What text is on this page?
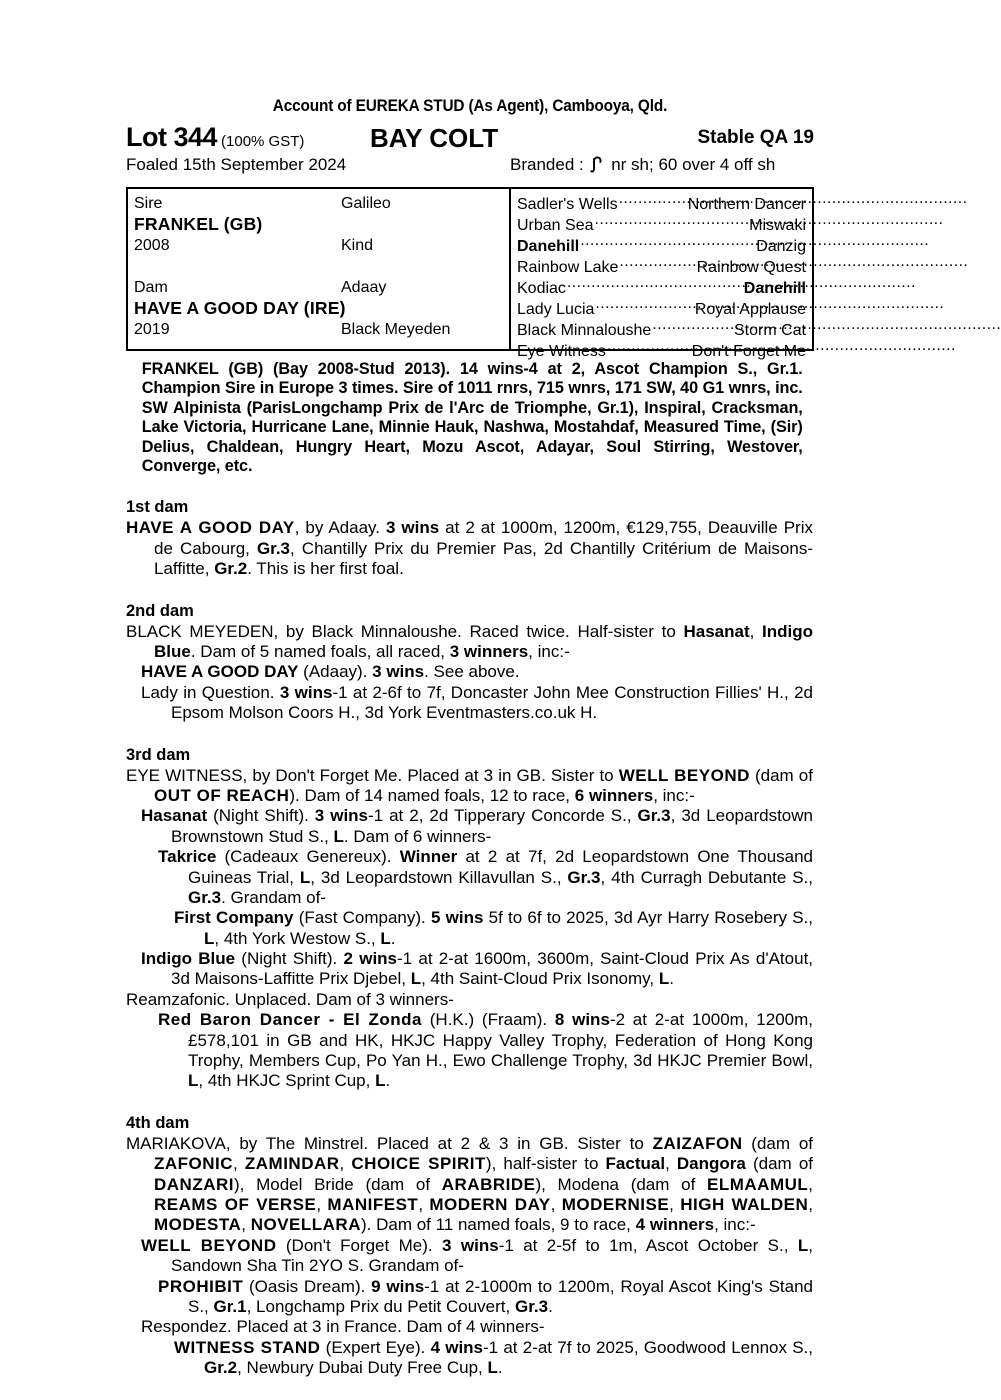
Account of EUREKA STUD (As Agent), Cambooya, Qld.
Lot 344 (100% GST)	BAY COLT	Stable QA 19
Foaled 15th September 2024	Branded : nr sh; 60 over 4 off sh
Sire	Galileo
FRANKEL (GB)
2008	Kind
Dam	Adaay
HAVE A GOOD DAY (IRE)
2019	Black Meyeden
Sadler's Wells .....	Northern Dancer
Urban Sea .....	Miswaki
Danehill .....	Danzig
Rainbow Lake .....	Rainbow Quest
Kodiac .....	Danehill
Lady Lucia .....	Royal Applause
Black Minnaloushe .....	Storm Cat
Eye Witness .....	Don't Forget Me
FRANKEL (GB) (Bay 2008-Stud 2013). 14 wins-4 at 2, Ascot Champion S., Gr.1. Champion Sire in Europe 3 times. Sire of 1011 rnrs, 715 wnrs, 171 SW, 40 G1 wnrs, inc. SW Alpinista (ParisLongchamp Prix de l'Arc de Triomphe, Gr.1), Inspiral, Cracksman, Lake Victoria, Hurricane Lane, Minnie Hauk, Nashwa, Mostahdaf, Measured Time, (Sir) Delius, Chaldean, Hungry Heart, Mozu Ascot, Adayar, Soul Stirring, Westover, Converge, etc.
1st dam

HAVE A GOOD DAY, by Adaay. 3 wins at 2 at 1000m, 1200m, €129,755, Deauville Prix de Cabourg, Gr.3, Chantilly Prix du Premier Pas, 2d Chantilly Critérium de Maisons-Laffitte, Gr.2. This is her first foal.

2nd dam

BLACK MEYEDEN, by Black Minnaloushe. Raced twice. Half-sister to Hasanat, Indigo Blue. Dam of 5 named foals, all raced, 3 winners, inc:-

HAVE A GOOD DAY (Adaay). 3 wins. See above.

Lady in Question. 3 wins-1 at 2-6f to 7f, Doncaster John Mee Construction Fillies' H., 2d Epsom Molson Coors H., 3d York Eventmasters.co.uk H.

3rd dam

EYE WITNESS, by Don't Forget Me. Placed at 3 in GB. Sister to WELL BEYOND (dam of OUT OF REACH). Dam of 14 named foals, 12 to race, 6 winners, inc:-

Hasanat (Night Shift). 3 wins-1 at 2, 2d Tipperary Concorde S., Gr.3, 3d Leopardstown Brownstown Stud S., L. Dam of 6 winners-

Takrice (Cadeaux Genereux). Winner at 2 at 7f, 2d Leopardstown One Thousand Guineas Trial, L, 3d Leopardstown Killavullan S., Gr.3, 4th Curragh Debutante S., Gr.3. Grandam of-

First Company (Fast Company). 5 wins 5f to 6f to 2025, 3d Ayr Harry Rosebery S., L, 4th York Westow S., L.

Indigo Blue (Night Shift). 2 wins-1 at 2-at 1600m, 3600m, Saint-Cloud Prix As d'Atout, 3d Maisons-Laffitte Prix Djebel, L, 4th Saint-Cloud Prix Isonomy, L.

Reamzafonic. Unplaced. Dam of 3 winners-

Red Baron Dancer - El Zonda (H.K.) (Fraam). 8 wins-2 at 2-at 1000m, 1200m, £578,101 in GB and HK, HKJC Happy Valley Trophy, Federation of Hong Kong Trophy, Members Cup, Po Yan H., Ewo Challenge Trophy, 3d HKJC Premier Bowl, L, 4th HKJC Sprint Cup, L.

4th dam

MARIAKOVA, by The Minstrel. Placed at 2 & 3 in GB. Sister to ZAIZAFON (dam of ZAFONIC, ZAMINDAR, CHOICE SPIRIT), half-sister to Factual, Dangora (dam of DANZARI), Model Bride (dam of ARABRIDE), Modena (dam of ELMAAMUL, REAMS OF VERSE, MANIFEST, MODERN DAY, MODERNISE, HIGH WALDEN, MODESTA, NOVELLARA). Dam of 11 named foals, 9 to race, 4 winners, inc:-

WELL BEYOND (Don't Forget Me). 3 wins-1 at 2-5f to 1m, Ascot October S., L, Sandown Sha Tin 2YO S. Grandam of-

PROHIBIT (Oasis Dream). 9 wins-1 at 2-1000m to 1200m, Royal Ascot King's Stand S., Gr.1, Longchamp Prix du Petit Couvert, Gr.3.

Respondez. Placed at 3 in France. Dam of 4 winners-

WITNESS STAND (Expert Eye). 4 wins-1 at 2-at 7f to 2025, Goodwood Lennox S., Gr.2, Newbury Dubai Duty Free Cup, L.
